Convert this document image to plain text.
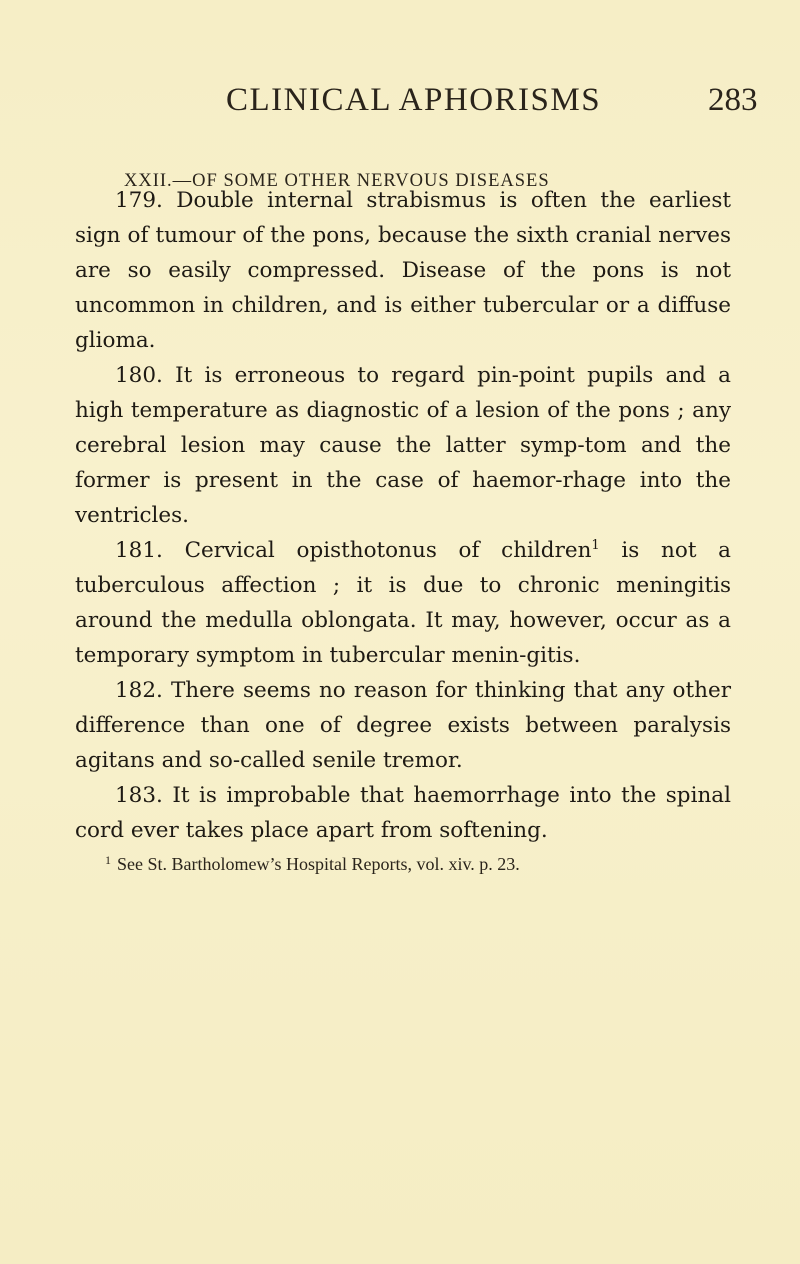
CLINICAL APHORISMS	283
XXII.—OF SOME OTHER NERVOUS DISEASES

179. Double internal strabismus is often the earliest sign of tumour of the pons, because the sixth cranial nerves are so easily compressed. Disease of the pons is not uncommon in children, and is either tubercular or a diffuse glioma.

180. It is erroneous to regard pin-point pupils and a high temperature as diagnostic of a lesion of the pons ; any cerebral lesion may cause the latter symp-tom and the former is present in the case of haemor-rhage into the ventricles.

181. Cervical opisthotonus of children$^1$ is not a tuberculous affection ; it is due to chronic meningitis around the medulla oblongata. It may, however, occur as a temporary symptom in tubercular menin-gitis.

182. There seems no reason for thinking that any other difference than one of degree exists between paralysis agitans and so-called senile tremor.

183. It is improbable that haemorrhage into the spinal cord ever takes place apart from softening.

$^1$ See St. Bartholomew’s Hospital Reports, vol. xiv. p. 23.
